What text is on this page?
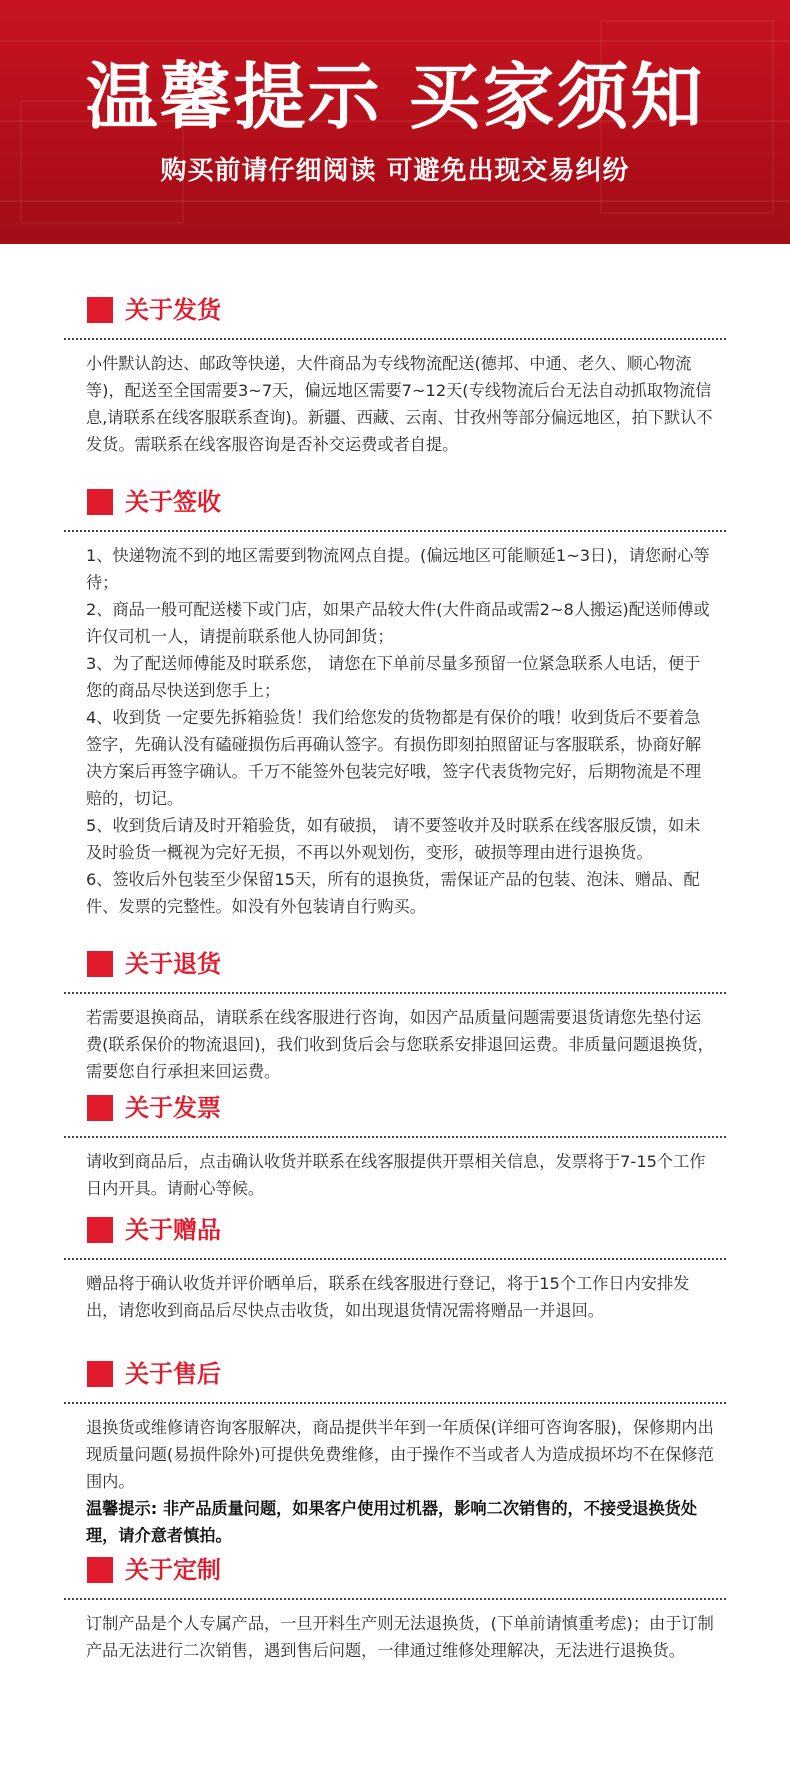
温馨提示 买家须知
购买前请仔细阅读 可避免出现交易纠纷
关于发货

小件默认韵达、邮政等快递，大件商品为专线物流配送(德邦、中通、老久、顺心物流等)，配送至全国需要3~7天，偏远地区需要7~12天(专线物流后台无法自动抓取物流信息,请联系在线客服联系查询)。新疆、西藏、云南、甘孜州等部分偏远地区，拍下默认不发货。需联系在线客服咨询是否补交运费或者自提。

关于签收

1、快递物流不到的地区需要到物流网点自提。(偏远地区可能顺延1~3日)，请您耐心等待；

2、商品一般可配送楼下或门店，如果产品较大件(大件商品或需2~8人搬运)配送师傅或许仅司机一人，请提前联系他人协同卸货；

3、为了配送师傅能及时联系您， 请您在下单前尽量多预留一位紧急联系人电话，便于您的商品尽快送到您手上；

4、收到货 一定要先拆箱验货！我们给您发的货物都是有保价的哦！收到货后不要着急签字，先确认没有磕碰损伤后再确认签字。有损伤即刻拍照留证与客服联系，协商好解决方案后再签字确认。千万不能签外包装完好哦，签字代表货物完好，后期物流是不理赔的，切记。

5、收到货后请及时开箱验货，如有破损， 请不要签收并及时联系在线客服反馈，如未及时验货一概视为完好无损，不再以外观划伤，变形，破损等理由进行退换货。

6、签收后外包装至少保留15天，所有的退换货，需保证产品的包装、泡沫、赠品、配件、发票的完整性。如没有外包装请自行购买。

关于退货

若需要退换商品，请联系在线客服进行咨询，如因产品质量问题需要退货请您先垫付运费(联系保价的物流退回)，我们收到货后会与您联系安排退回运费。非质量问题退换货，需要您自行承担来回运费。

关于发票

请收到商品后，点击确认收货并联系在线客服提供开票相关信息，发票将于7-15个工作日内开具。请耐心等候。

关于赠品

赠品将于确认收货并评价晒单后，联系在线客服进行登记，将于15个工作日内安排发出，请您收到商品后尽快点击收货，如出现退货情况需将赠品一并退回。

关于售后

退换货或维修请咨询客服解决，商品提供半年到一年质保(详细可咨询客服)，保修期内出现质量问题(易损件除外)可提供免费维修，由于操作不当或者人为造成损坏均不在保修范围内。

温馨提示: 非产品质量问题，如果客户使用过机器，影响二次销售的，不接受退换货处理，请介意者慎拍。

关于定制

订制产品是个人专属产品，一旦开料生产则无法退换货，(下单前请慎重考虑)；由于订制产品无法进行二次销售，遇到售后问题，一律通过维修处理解决，无法进行退换货。
